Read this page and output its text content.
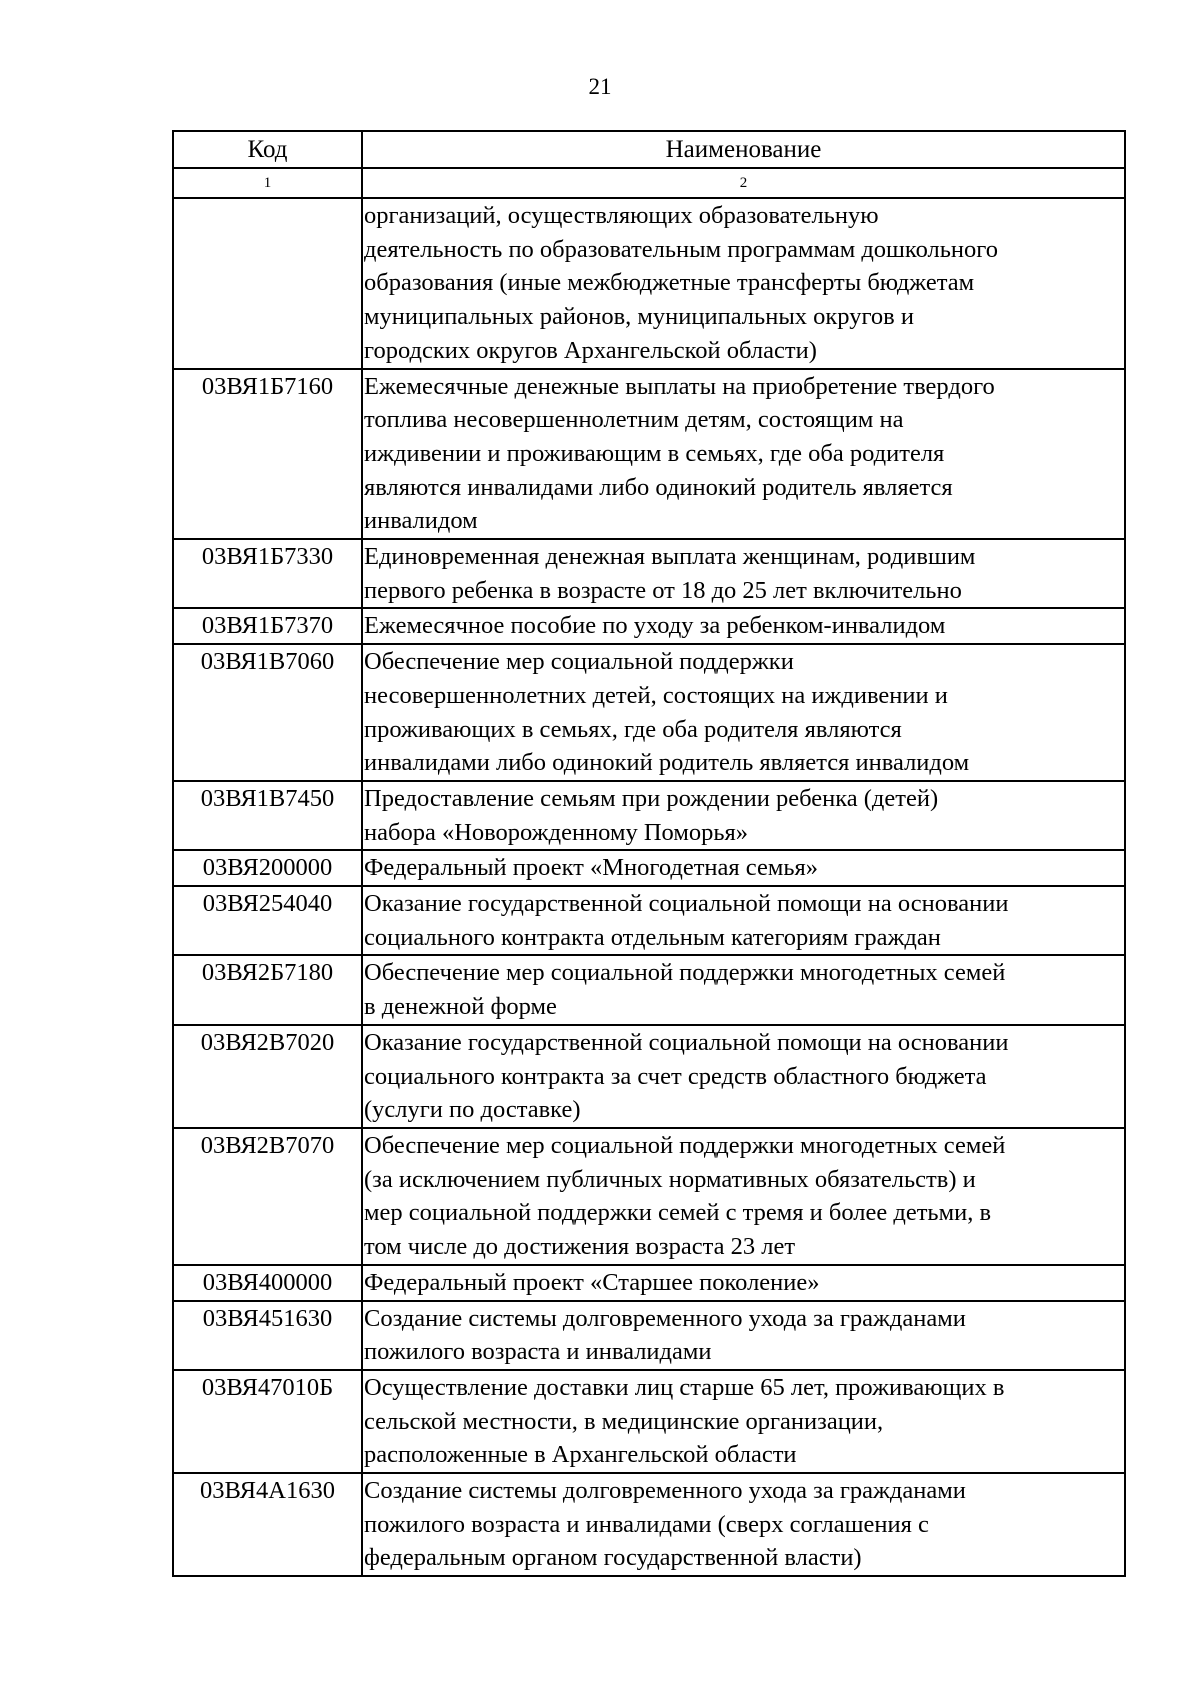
21
Код	Наименование
1	2

	организаций, осуществляющих образовательную
деятельность по образовательным программам дошкольного
образования (иные межбюджетные трансферты бюджетам
муниципальных районов, муниципальных округов и
городских округов Архангельской области)

03ВЯ1Б7160	Ежемесячные денежные выплаты на приобретение твердого
топлива несовершеннолетним детям, состоящим на
иждивении и проживающим в семьях, где оба родителя
являются инвалидами либо одинокий родитель является
инвалидом

03ВЯ1Б7330	Единовременная денежная выплата женщинам, родившим
первого ребенка в возрасте от 18 до 25 лет включительно

03ВЯ1Б7370	Ежемесячное пособие по уходу за ребенком-инвалидом

03ВЯ1В7060	Обеспечение мер социальной поддержки
несовершеннолетних детей, состоящих на иждивении и
проживающих в семьях, где оба родителя являются
инвалидами либо одинокий родитель является инвалидом

03ВЯ1В7450	Предоставление семьям при рождении ребенка (детей)
набора «Новорожденному Поморья»

03ВЯ200000	Федеральный проект «Многодетная семья»

03ВЯ254040	Оказание государственной социальной помощи на основании
социального контракта отдельным категориям граждан

03ВЯ2Б7180	Обеспечение мер социальной поддержки многодетных семей
в денежной форме

03ВЯ2В7020	Оказание государственной социальной помощи на основании
социального контракта за счет средств областного бюджета
(услуги по доставке)

03ВЯ2В7070	Обеспечение мер социальной поддержки многодетных семей
(за исключением публичных нормативных обязательств) и
мер социальной поддержки семей с тремя и более детьми, в
том числе до достижения возраста 23 лет

03ВЯ400000	Федеральный проект «Старшее поколение»

03ВЯ451630	Создание системы долговременного ухода за гражданами
пожилого возраста и инвалидами

03ВЯ47010Б	Осуществление доставки лиц старше 65 лет, проживающих в
сельской местности, в медицинские организации,
расположенные в Архангельской области

03ВЯ4А1630	Создание системы долговременного ухода за гражданами
пожилого возраста и инвалидами (сверх соглашения с
федеральным органом государственной власти)
